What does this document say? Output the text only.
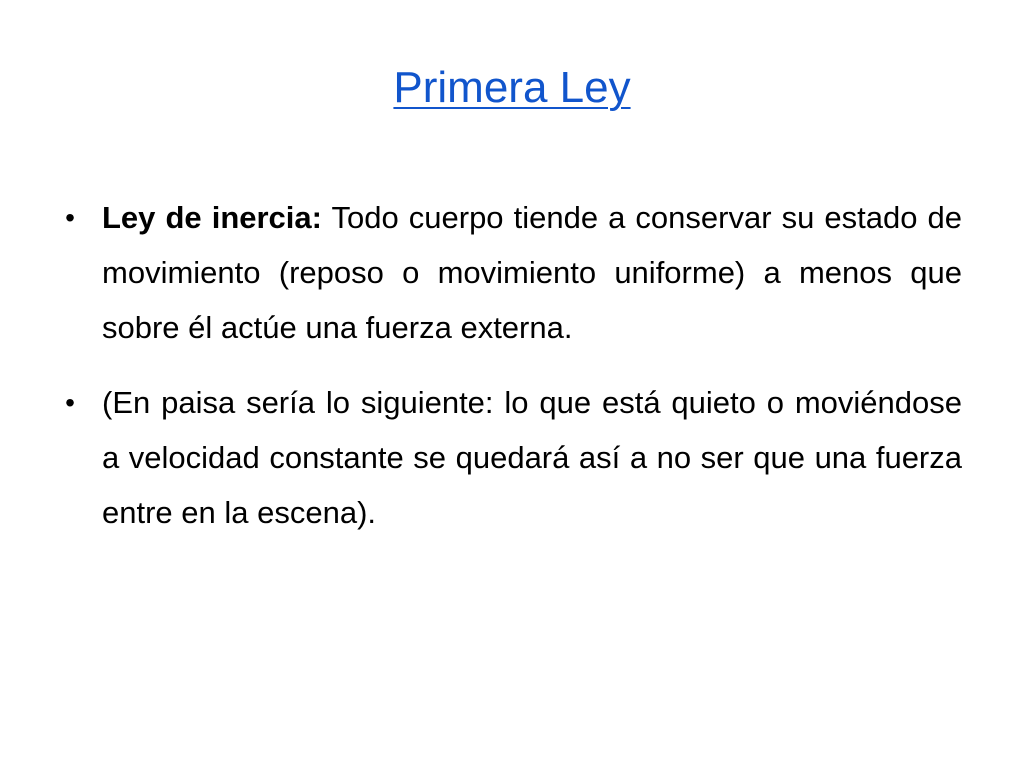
Primera Ley
• Ley de inercia: Todo cuerpo tiende a conservar su estado de movimiento (reposo o movimiento uniforme) a menos que sobre él actúe una fuerza externa.
• (En paisa sería lo siguiente: lo que está quieto o moviéndose a velocidad constante se quedará así a no ser que una fuerza entre en la escena).
